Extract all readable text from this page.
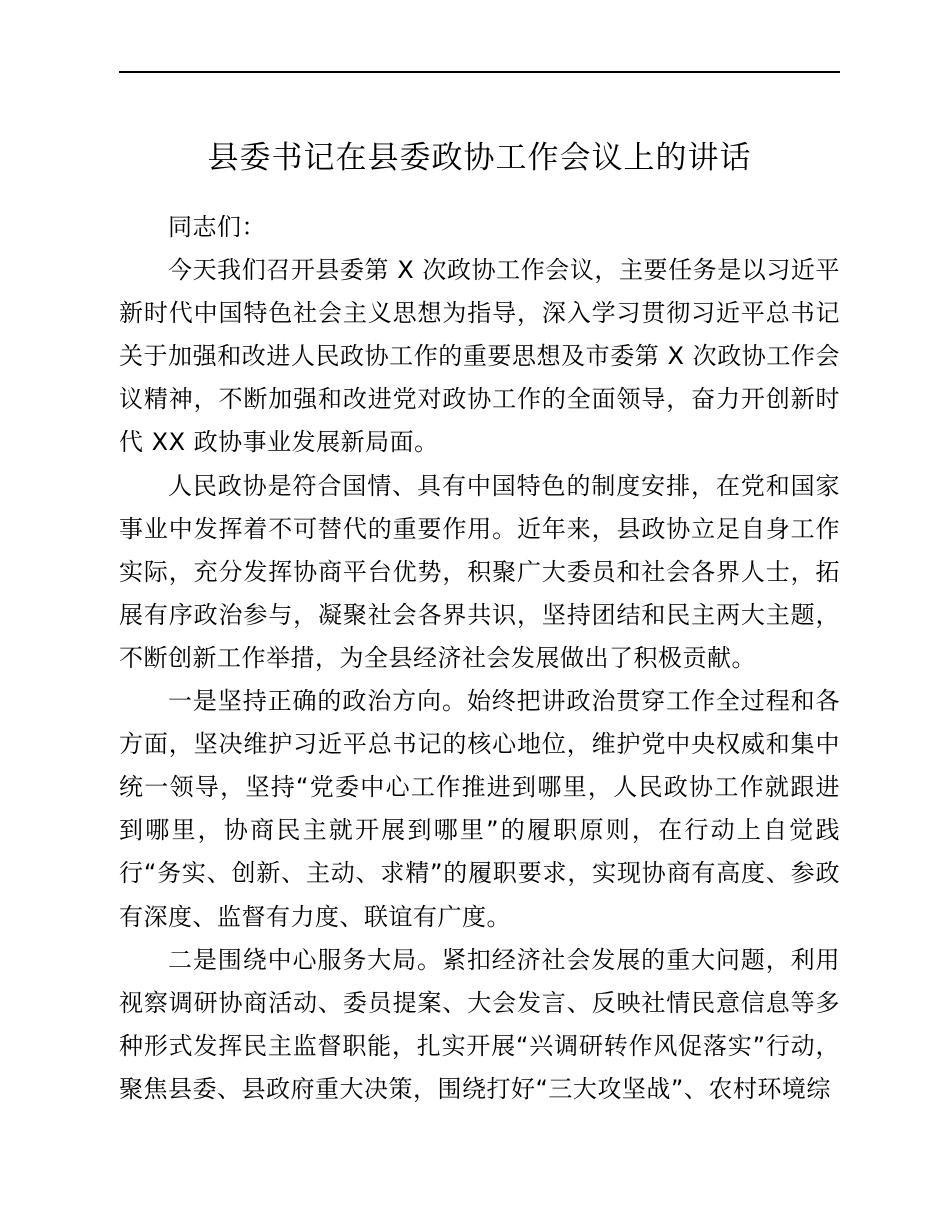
县委书记在县委政协工作会议上的讲话

同志们：

今天我们召开县委第 X 次政协工作会议，主要任务是以习近平新时代中国特色社会主义思想为指导，深入学习贯彻习近平总书记关于加强和改进人民政协工作的重要思想及市委第 X 次政协工作会议精神，不断加强和改进党对政协工作的全面领导，奋力开创新时代 XX 政协事业发展新局面。

人民政协是符合国情、具有中国特色的制度安排，在党和国家事业中发挥着不可替代的重要作用。近年来，县政协立足自身工作实际，充分发挥协商平台优势，积聚广大委员和社会各界人士，拓展有序政治参与，凝聚社会各界共识，坚持团结和民主两大主题，不断创新工作举措，为全县经济社会发展做出了积极贡献。

一是坚持正确的政治方向。始终把讲政治贯穿工作全过程和各方面，坚决维护习近平总书记的核心地位，维护党中央权威和集中统一领导，坚持“党委中心工作推进到哪里，人民政协工作就跟进到哪里，协商民主就开展到哪里”的履职原则，在行动上自觉践行“务实、创新、主动、求精”的履职要求，实现协商有高度、参政有深度、监督有力度、联谊有广度。

二是围绕中心服务大局。紧扣经济社会发展的重大问题，利用视察调研协商活动、委员提案、大会发言、反映社情民意信息等多种形式发挥民主监督职能，扎实开展“兴调研转作风促落实”行动，聚焦县委、县政府重大决策，围绕打好“三大攻坚战”、农村环境综
